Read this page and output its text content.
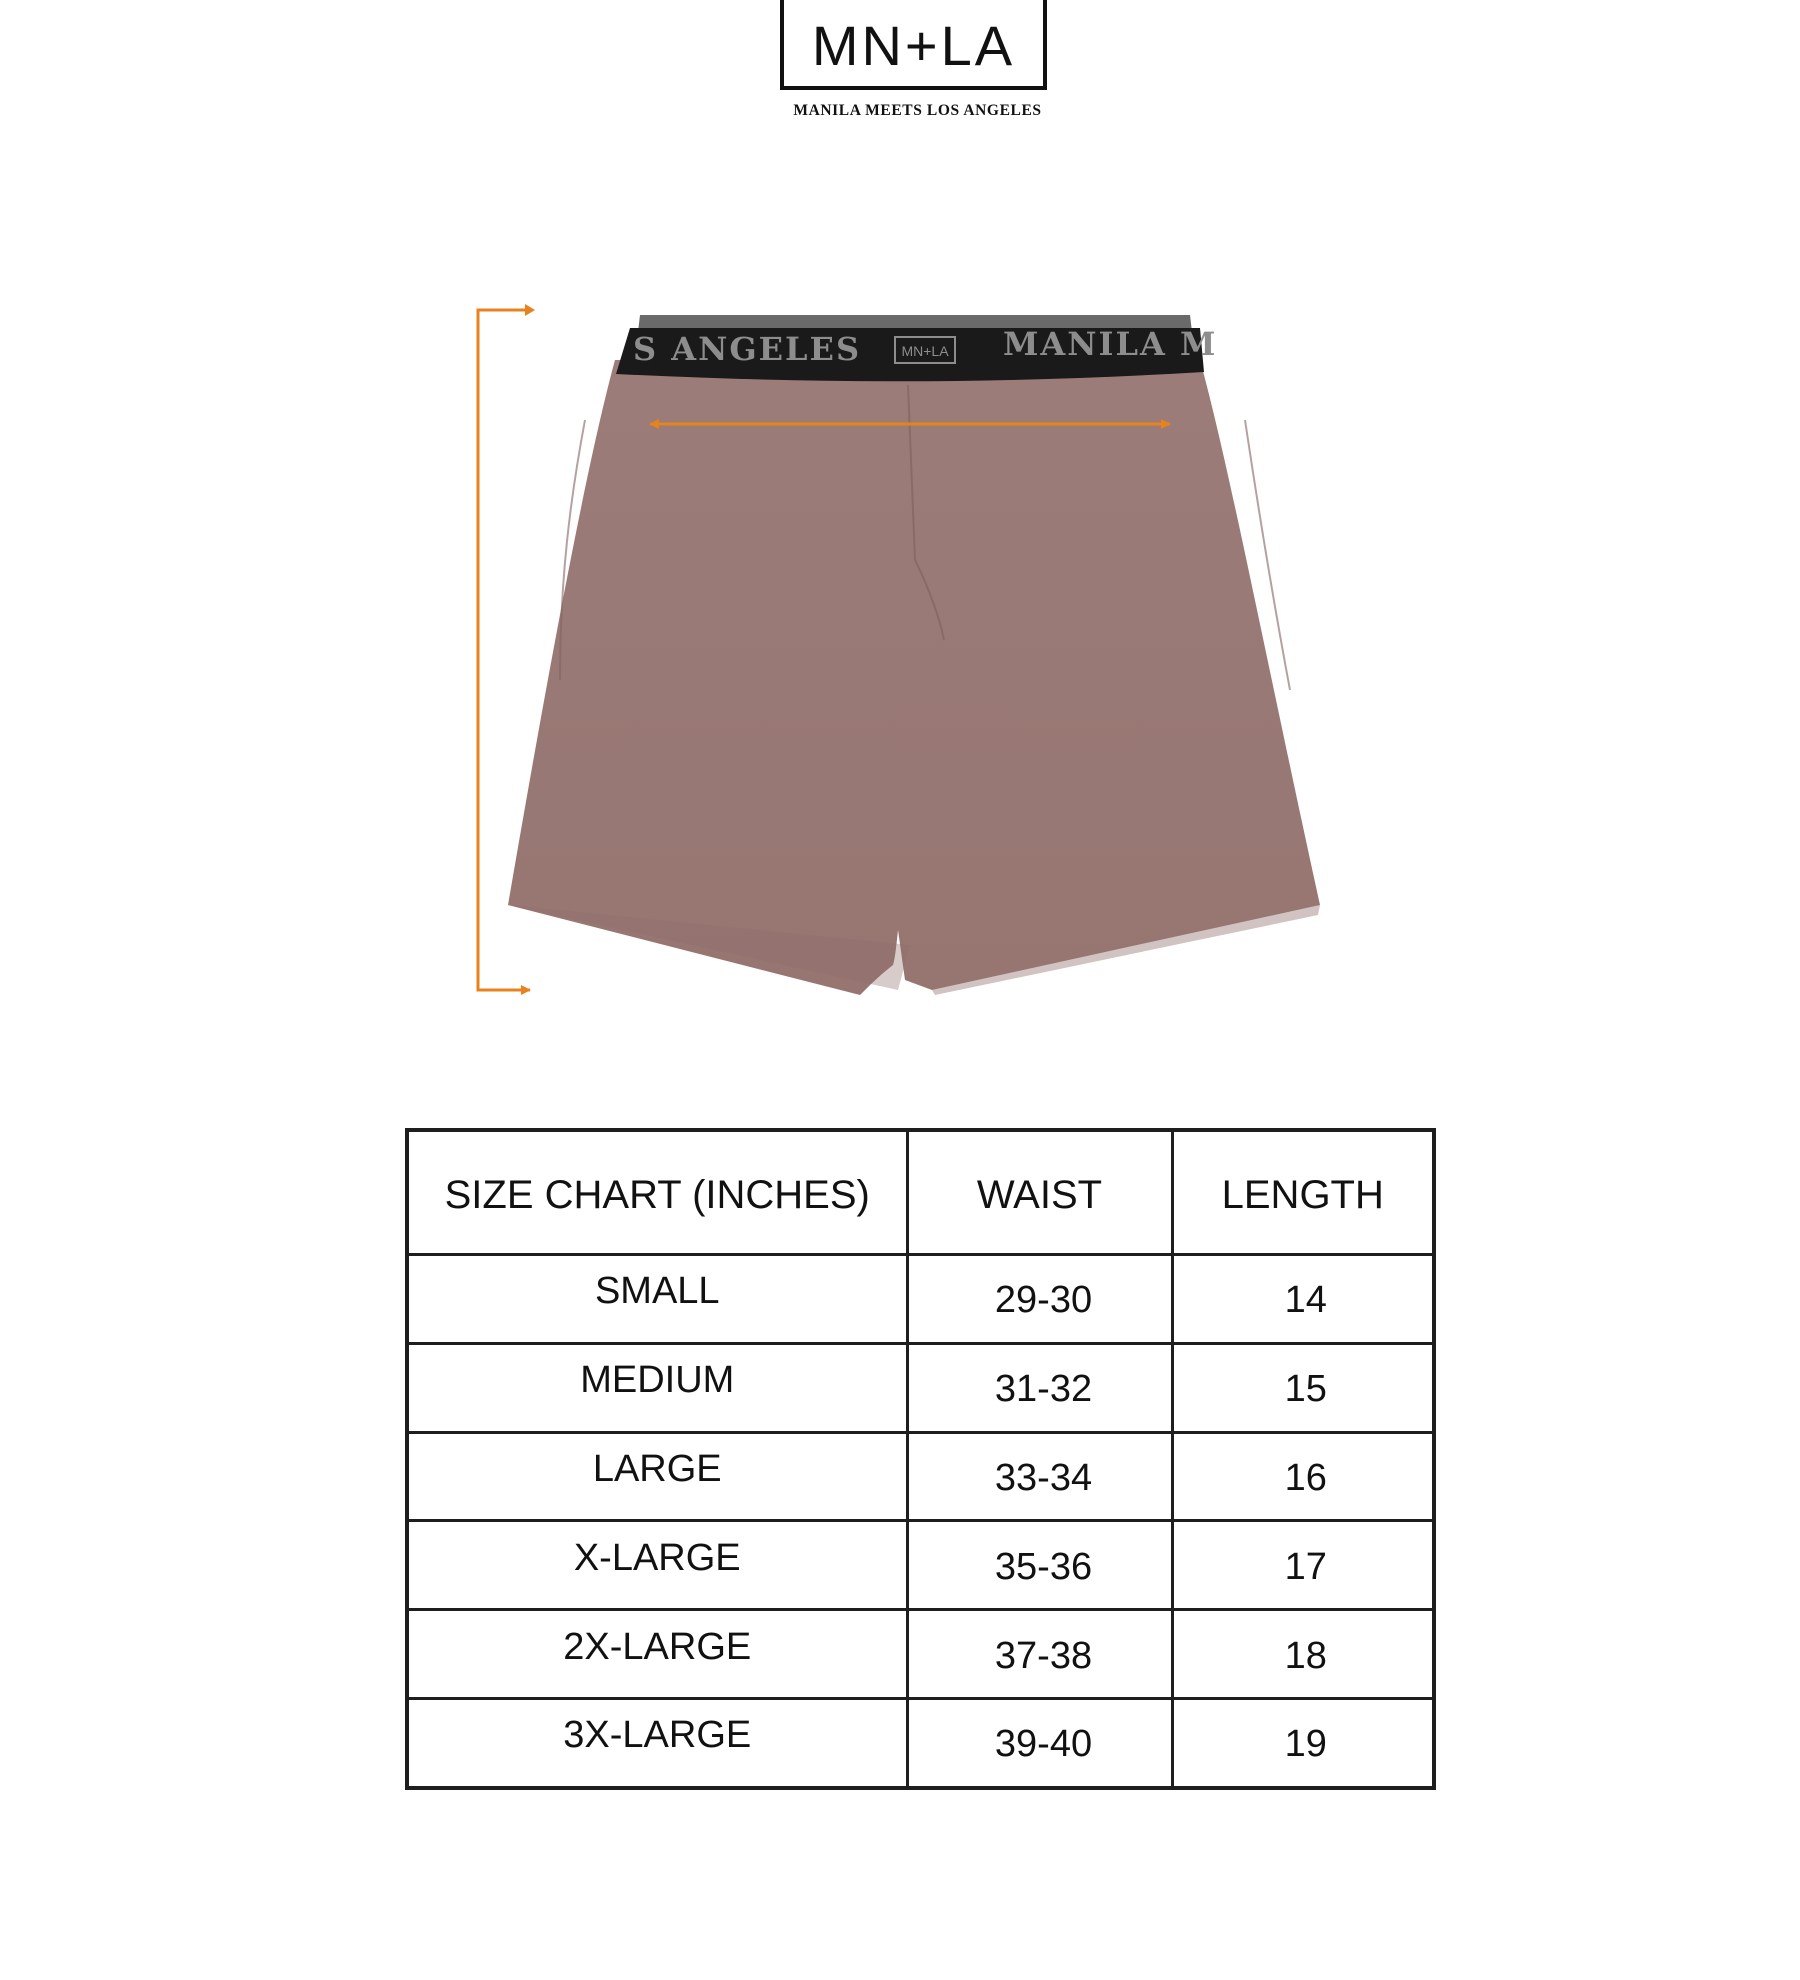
MN+LA
MANILA MEETS LOS ANGELES
S ANGELES	MN+LA MANILA M
SIZE CHART (INCHES)	WAIST	LENGTH
SMALL	29-30	14
MEDIUM	31-32	15
LARGE	33-34	16
X-LARGE	35-36	17
2X-LARGE	37-38	18
3X-LARGE	39-40	19
